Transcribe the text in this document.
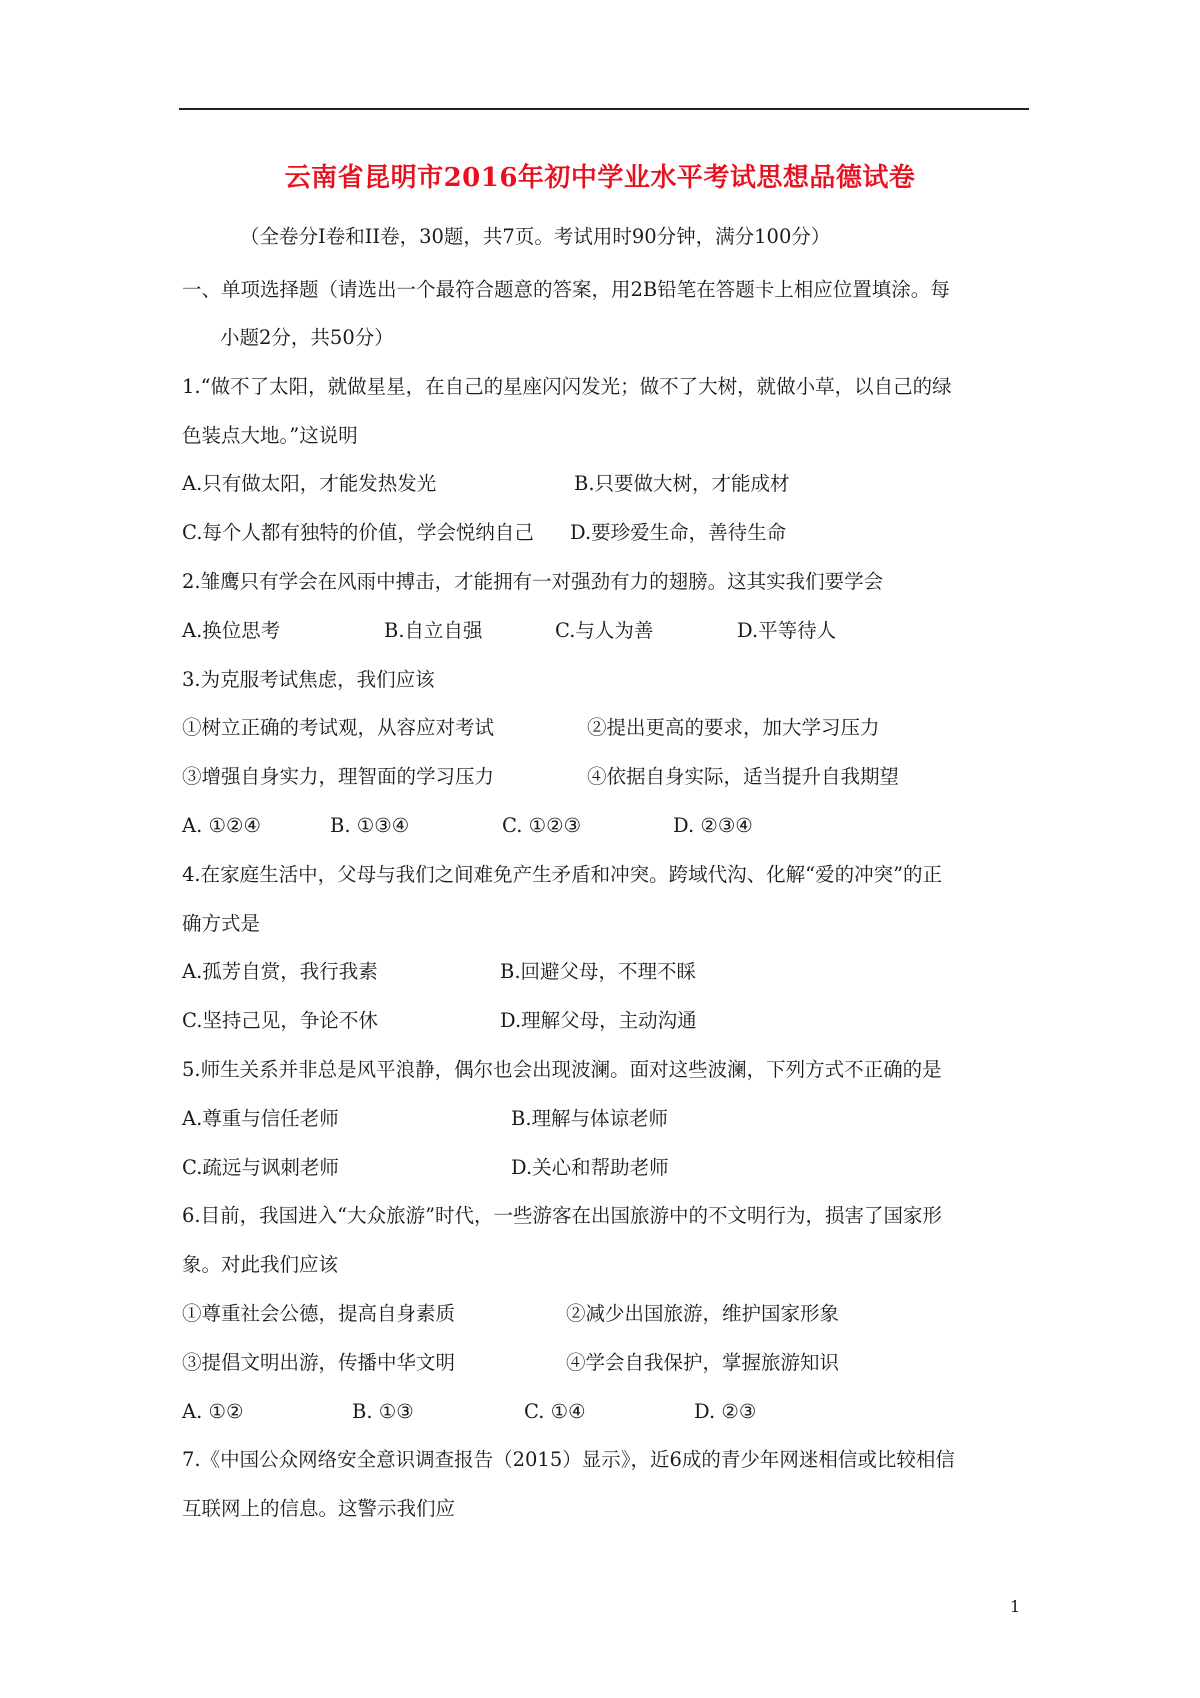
云南省昆明市2016年初中学业水平考试思想品德试卷
（全卷分I卷和II卷，30题，共7页。考试用时90分钟，满分100分）
一、单项选择题（请选出一个最符合题意的答案，用2B铅笔在答题卡上相应位置填涂。每
小题2分，共50分）
1.“做不了太阳，就做星星，在自己的星座闪闪发光；做不了大树，就做小草，以自己的绿
色装点大地。”这说明
A.只有做太阳，才能发热发光	B.只要做大树，才能成材
C.每个人都有独特的价值，学会悦纳自己 D.要珍爱生命，善待生命
2.雏鹰只有学会在风雨中搏击，才能拥有一对强劲有力的翅膀。这其实我们要学会
A.换位思考	B.自立自强	C.与人为善	D.平等待人
3.为克服考试焦虑，我们应该
①树立正确的考试观，从容应对考试	②提出更高的要求，加大学习压力
③增强自身实力，理智面的学习压力	④依据自身实际，适当提升自我期望
A. ①②④	B. ①③④	C. ①②③	D. ②③④
4.在家庭生活中，父母与我们之间难免产生矛盾和冲突。跨域代沟、化解“爱的冲突”的正
确方式是
A.孤芳自赏，我行我素	B.回避父母，不理不睬
C.坚持己见，争论不休	D.理解父母，主动沟通
5.师生关系并非总是风平浪静，偶尔也会出现波澜。面对这些波澜，下列方式不正确的是
A.尊重与信任老师	B.理解与体谅老师
C.疏远与讽刺老师	D.关心和帮助老师
6.目前，我国进入“大众旅游”时代，一些游客在出国旅游中的不文明行为，损害了国家形
象。对此我们应该
①尊重社会公德，提高自身素质	②减少出国旅游，维护国家形象
③提倡文明出游，传播中华文明	④学会自我保护，掌握旅游知识
A. ①②	B. ①③	C. ①④	D. ②③
7.《中国公众网络安全意识调查报告（2015）显示》，近6成的青少年网迷相信或比较相信
互联网上的信息。这警示我们应
1
